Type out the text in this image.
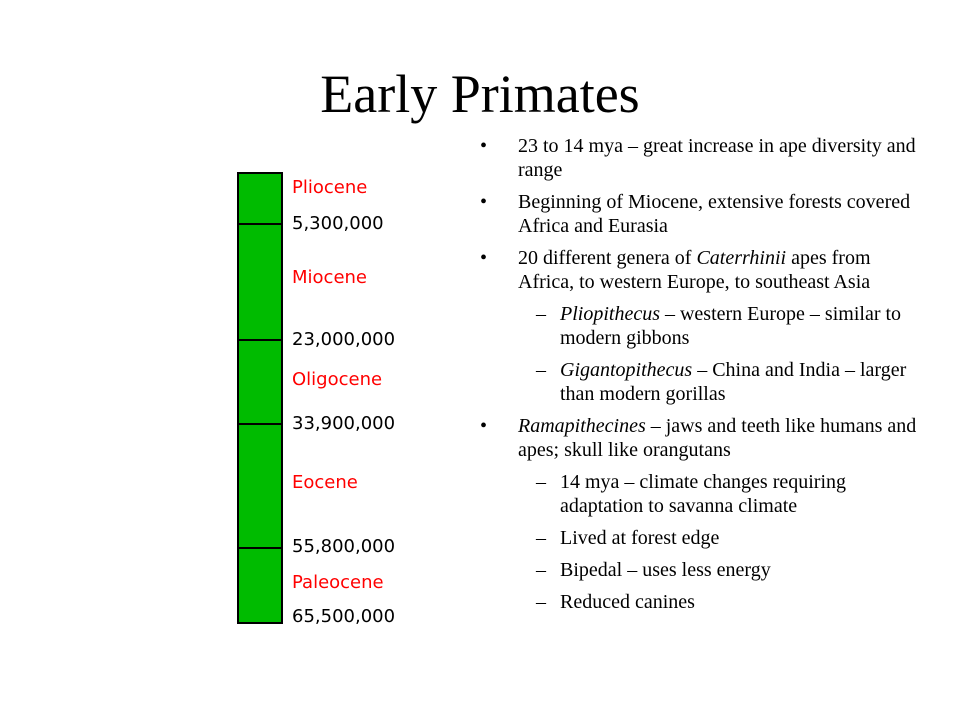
Early Primates
Pliocene
5,300,000
Miocene
23,000,000
Oligocene
33,900,000
Eocene
55,800,000
Paleocene
65,500,000
• 23 to 14 mya – great increase in ape diversity and range
• Beginning of Miocene, extensive forests covered Africa and Eurasia
• 20 different genera of Caterrhinii apes from Africa, to western Europe, to southeast Asia
– Pliopithecus – western Europe – similar to modern gibbons
– Gigantopithecus – China and India – larger than modern gorillas
• Ramapithecines – jaws and teeth like humans and apes; skull like orangutans
– 14 mya – climate changes requiring adaptation to savanna climate
– Lived at forest edge
– Bipedal – uses less energy
– Reduced canines
